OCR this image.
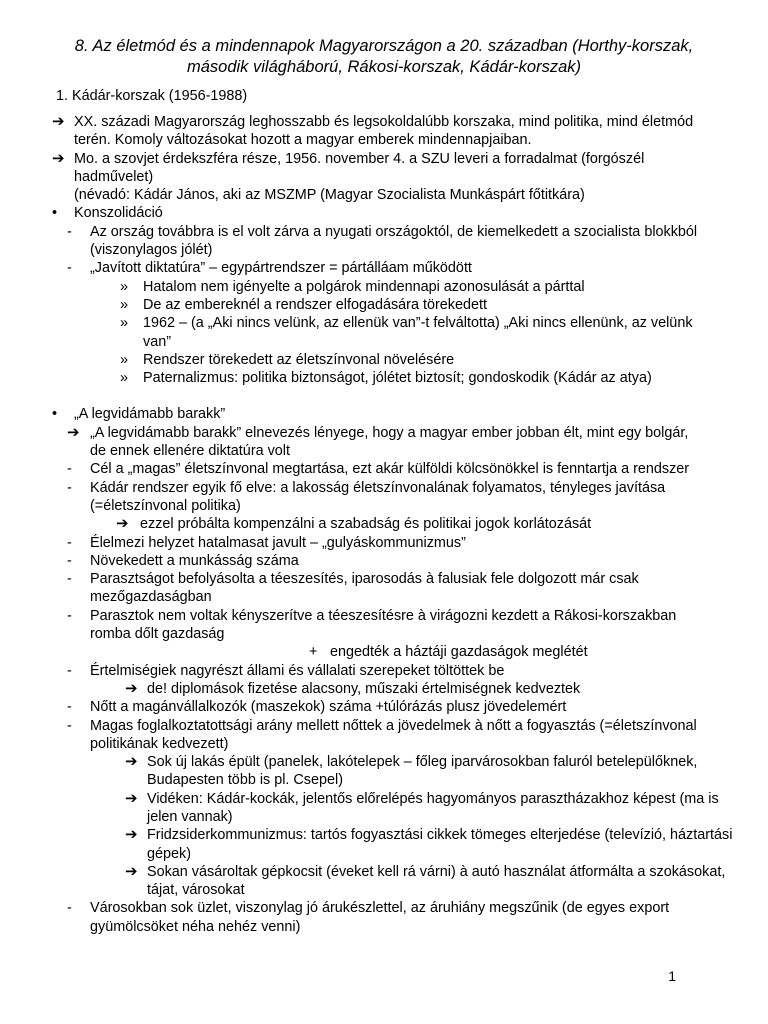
8. Az életmód és a mindennapok Magyarországon a 20. században (Horthy-korszak, második világháború, Rákosi-korszak, Kádár-korszak)
1. Kádár-korszak (1956-1988)
➔ XX. századi Magyarország leghosszabb és legsokoldalúbb korszaka, mind politika, mind életmód terén. Komoly változásokat hozott a magyar emberek mindennapjaiban.
➔ Mo. a szovjet érdekszféra része, 1956. november 4. a SZU leveri a forradalmat (forgószél hadművelet)
(névadó: Kádár János, aki az MSZMP (Magyar Szocialista Munkáspárt főtitkára)
• Konszolidáció
- Az ország továbbra is el volt zárva a nyugati országoktól, de kiemelkedett a szocialista blokkból (viszonylagos jólét)
- „Javított diktatúra” – egypártrendszer = pártálláam működött
» Hatalom nem igényelte a polgárok mindennapi azonosulását a párttal
» De az embereknél a rendszer elfogadására törekedett
» 1962 – (a „Aki nincs velünk, az ellenük van”-t felváltotta) „Aki nincs ellenünk, az velünk van”
» Rendszer törekedett az életszínvonal növelésére
» Paternalizmus: politika biztonságot, jólétet biztosít; gondoskodik (Kádár az atya)
• „A legvidámabb barakk”
➔ „A legvidámabb barakk” elnevezés lényege, hogy a magyar ember jobban élt, mint egy bolgár, de ennek ellenére diktatúra volt
- Cél a „magas” életszínvonal megtartása, ezt akár külföldi kölcsönökkel is fenntartja a rendszer
- Kádár rendszer egyik fő elve: a lakosság életszínvonalának folyamatos, tényleges javítása (=életszínvonal politika)
➔ ezzel próbálta kompenzálni a szabadság és politikai jogok korlátozását
- Élelmezi helyzet hatalmasat javult – „gulyáskommunizmus”
- Növekedett a munkásság száma
- Parasztságot befolyásolta a téeszesítés, iparosodás à falusiak fele dolgozott már csak mezőgazdaságban
- Parasztok nem voltak kényszerítve a téeszesítésre à virágozni kezdett a Rákosi-korszakban romba dőlt gazdaság
+ engedték a háztáji gazdaságok meglétét
- Értelmiségiek nagyrészt állami és vállalati szerepeket töltöttek be
➔ de! diplomások fizetése alacsony, műszaki értelmiségnek kedveztek
- Nőtt a magánvállalkozók (maszekok) száma +túlórázás plusz jövedelemért
- Magas foglalkoztatottsági arány mellett nőttek a jövedelmek à nőtt a fogyasztás (=életszínvonal politikának kedvezett)
➔ Sok új lakás épült (panelek, lakótelepek – főleg iparvárosokban faluról betelepülőknek, Budapesten több is pl. Csepel)
➔ Vidéken: Kádár-kockák, jelentős előrelépés hagyományos parasztházakhoz képest (ma is jelen vannak)
➔ Fridzsiderkommunizmus: tartós fogyasztási cikkek tömeges elterjedése (televízió, háztartási gépek)
➔ Sokan vásároltak gépkocsit (éveket kell rá várni) à autó használat átformálta a szokásokat, tájat, városokat
- Városokban sok üzlet, viszonylag jó árukészlettel, az áruhiány megszűnik (de egyes export gyümölcsöket néha nehéz venni)
1
